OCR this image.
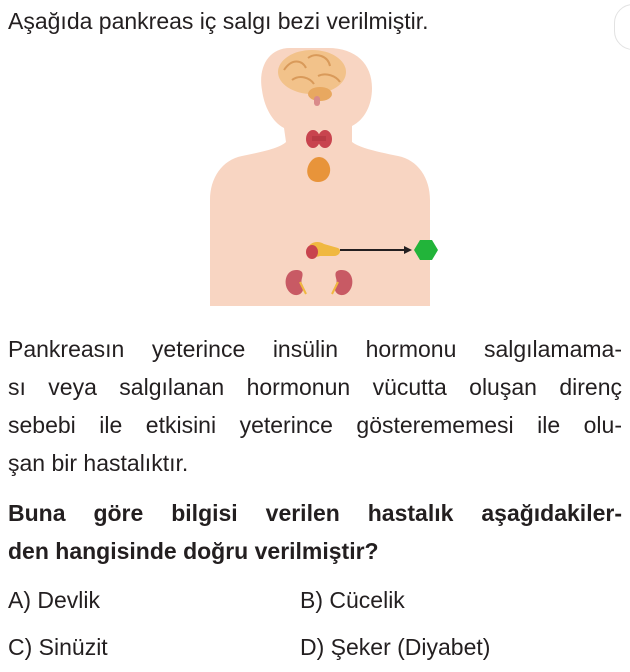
Aşağıda pankreas iç salgı bezi verilmiştir.
Pankreasın yeterince insülin hormonu salgılamama-
sı veya salgılanan hormonun vücutta oluşan direnç
sebebi ile etkisini yeterince gösterememesi ile olu-
şan bir hastalıktır.
Buna göre bilgisi verilen hastalık aşağıdakiler-
den hangisinde doğru verilmiştir?
A) Devlik	B) Cücelik
C) Sinüzit	D) Şeker (Diyabet)
